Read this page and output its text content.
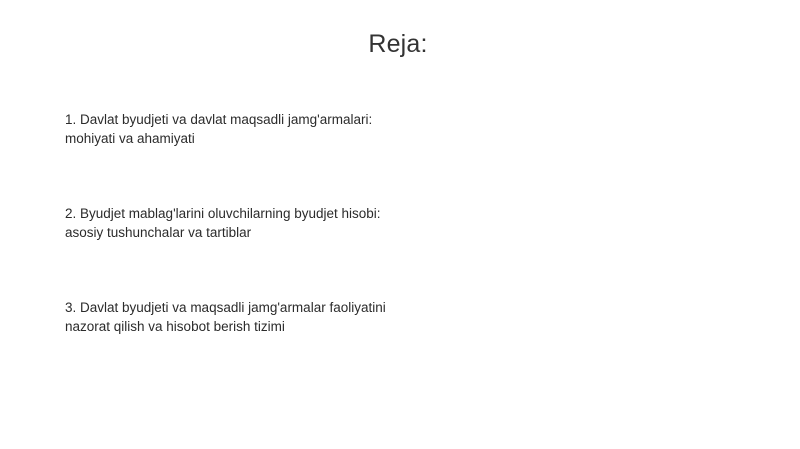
Reja:
1. Davlat byudjeti va davlat maqsadli jamg'armalari:
mohiyati va ahamiyati
2. Byudjet mablag'larini oluvchilarning byudjet hisobi:
asosiy tushunchalar va tartiblar
3. Davlat byudjeti va maqsadli jamg'armalar faoliyatini
nazorat qilish va hisobot berish tizimi
